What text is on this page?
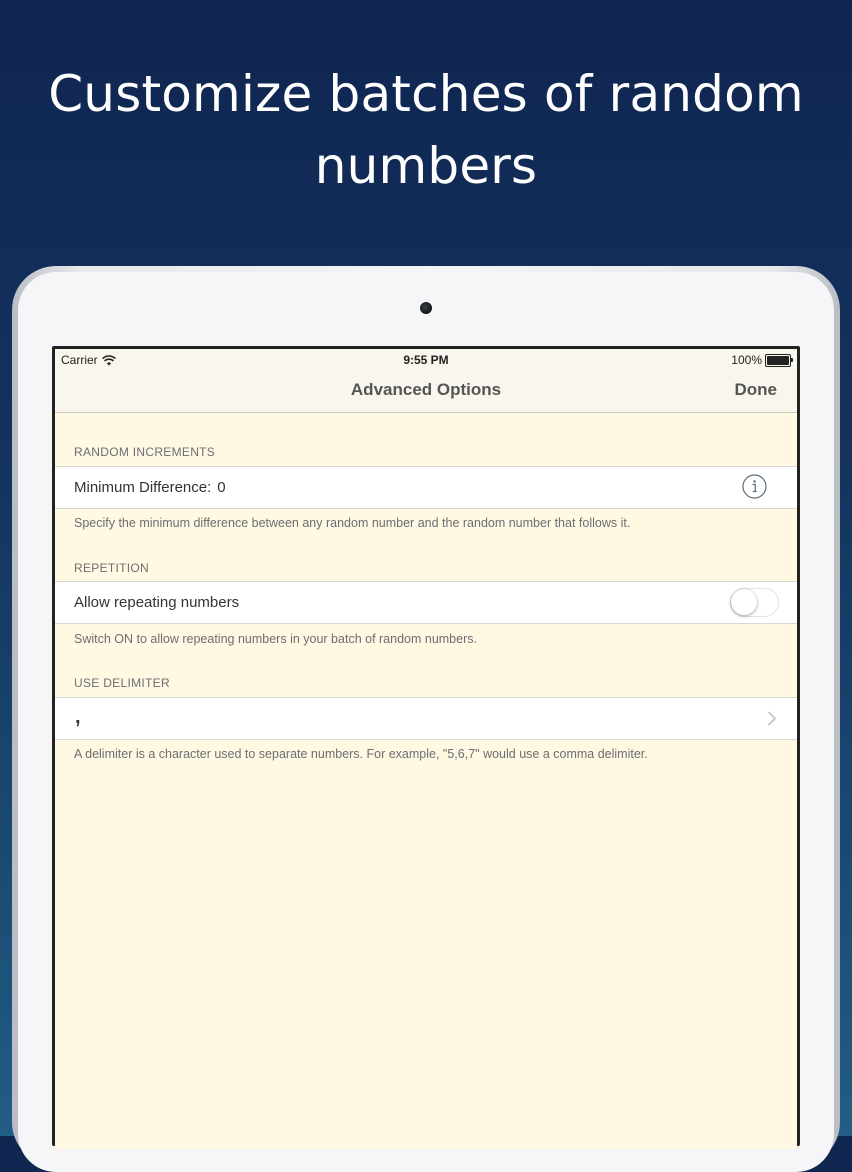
Customize batches of random
numbers
Carrier	9:55 PM	100%
Advanced Options	Done
RANDOM INCREMENTS
Minimum Difference: 0
Specify the minimum difference between any random number and the random number that follows it.
REPETITION
Allow repeating numbers
Switch ON to allow repeating numbers in your batch of random numbers.
USE DELIMITER
,
A delimiter is a character used to separate numbers. For example, "5,6,7" would use a comma delimiter.
